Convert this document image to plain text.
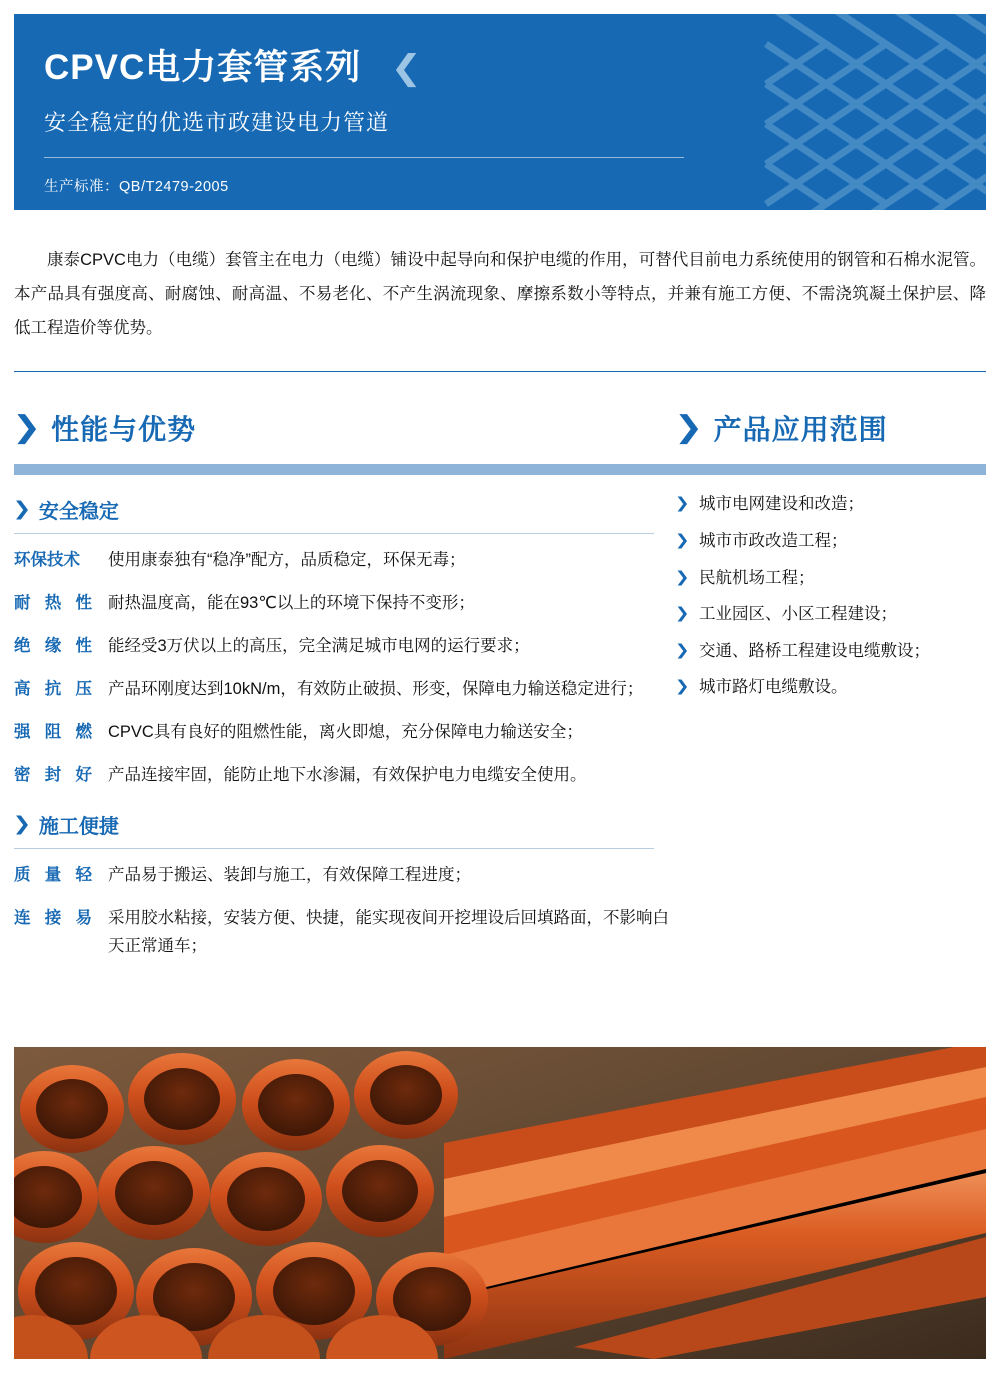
CPVC电力套管系列 ❮
安全稳定的优选市政建设电力管道
生产标准：QB/T2479-2005

康泰CPVC电力（电缆）套管主在电力（电缆）铺设中起导向和保护电缆的作用，可替代目前电力系统使用的钢管和石棉水泥管。本产品具有强度高、耐腐蚀、耐高温、不易老化、不产生涡流现象、摩擦系数小等特点，并兼有施工方便、不需浇筑凝土保护层、降低工程造价等优势。

❯ 性能与优势
❯ 安全稳定
环保技术	使用康泰独有“稳净”配方，品质稳定，环保无毒；
耐 热 性 耐热温度高，能在93℃以上的环境下保持不变形；
绝 缘 性 能经受3万伏以上的高压，完全满足城市电网的运行要求；
高 抗 压 产品环刚度达到10kN/m，有效防止破损、形变，保障电力输送稳定进行；
强 阻 燃 CPVC具有良好的阻燃性能，离火即熄，充分保障电力输送安全；
密 封 好 产品连接牢固，能防止地下水渗漏，有效保护电力电缆安全使用。
❯ 施工便捷
质 量 轻 产品易于搬运、装卸与施工，有效保障工程进度；
连 接 易 采用胶水粘接，安装方便、快捷，能实现夜间开挖埋设后回填路面，不影响白天正常通车；
❯ 产品应用范围
❯ 城市电网建设和改造；
❯ 城市市政改造工程；
❯ 民航机场工程；
❯ 工业园区、小区工程建设；
❯ 交通、路桥工程建设电缆敷设；
❯ 城市路灯电缆敷设。
